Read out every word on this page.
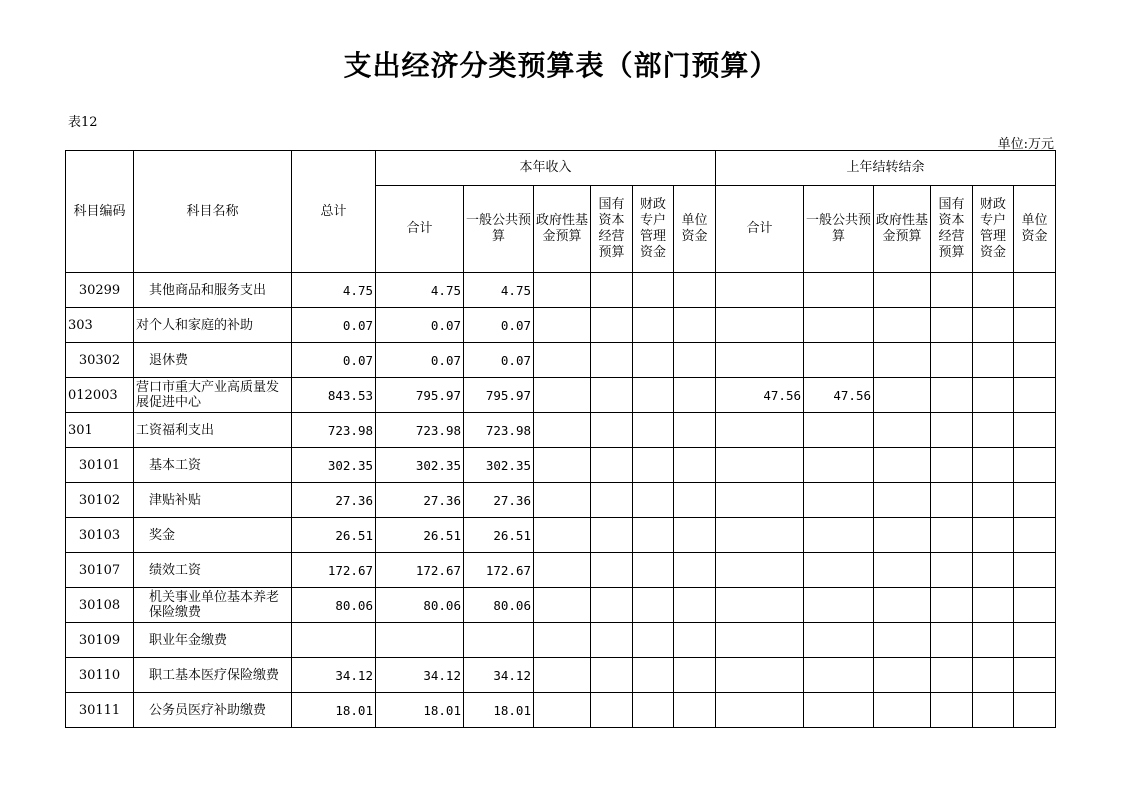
支出经济分类预算表（部门预算）
表12
单位:万元
科目编码	科目名称	总计	本年收入						上年结转结余					
			合计	一般公共预算	政府性基金预算	国有资本经营预算	财政专户管理资金	单位资金	合计	一般公共预算	政府性基金预算	国有资本经营预算	财政专户管理资金	单位资金
30299	其他商品和服务支出	4.75	4.75	4.75										
303	对个人和家庭的补助	0.07	0.07	0.07										
30302	退休费	0.07	0.07	0.07										
012003	营口市重大产业高质量发展促进中心	843.53	795.97	795.97					47.56	47.56				
301	工资福利支出	723.98	723.98	723.98										
30101	基本工资	302.35	302.35	302.35										
30102	津贴补贴	27.36	27.36	27.36										
30103	奖金	26.51	26.51	26.51										
30107	绩效工资	172.67	172.67	172.67										
30108	机关事业单位基本养老保险缴费	80.06	80.06	80.06										
30109	职业年金缴费													
30110	职工基本医疗保险缴费	34.12	34.12	34.12										
30111	公务员医疗补助缴费	18.01	18.01	18.01										
